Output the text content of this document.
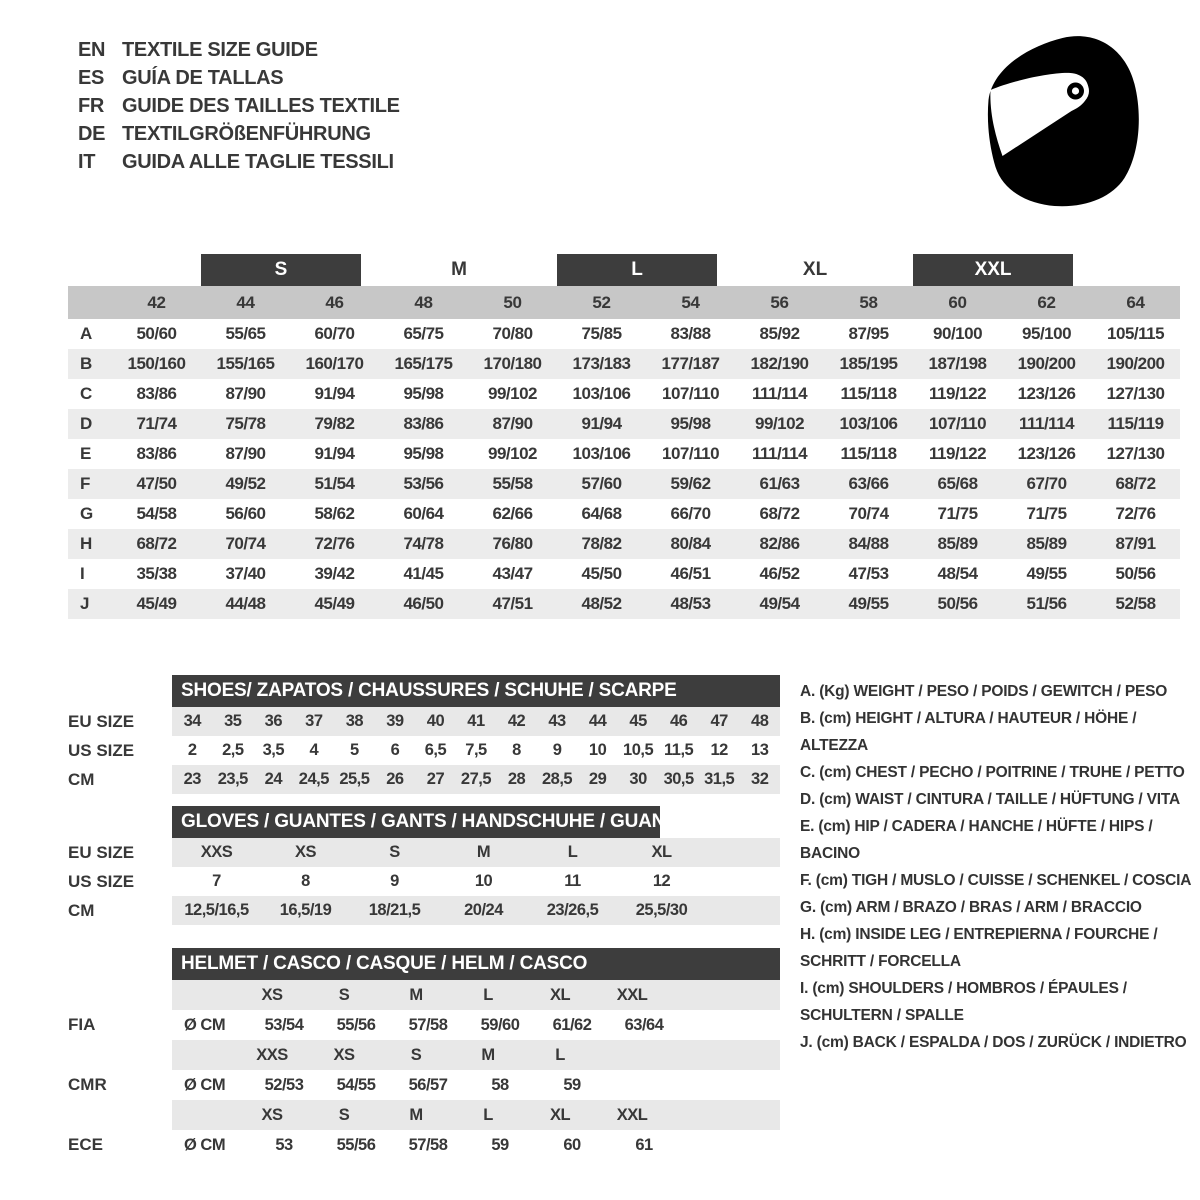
EN TEXTILE SIZE GUIDE
ES GUÍA DE TALLAS
FR GUIDE DES TAILLES TEXTILE
DE TEXTILGRÖßENFÜHRUNG
IT	GUIDA ALLE TAGLIE TESSILI

		S		M		L		XL		XXL		

	42	44	46	48	50	52	54	56	58	60	62	64
A	50/60	55/65	60/70	65/75	70/80	75/85	83/88	85/92	87/95	90/100	95/100	105/115
B	150/160	155/165	160/170	165/175	170/180	173/183	177/187	182/190	185/195	187/198	190/200	190/200
C	83/86	87/90	91/94	95/98	99/102	103/106	107/110	111/114	115/118	119/122	123/126	127/130
D	71/74	75/78	79/82	83/86	87/90	91/94	95/98	99/102	103/106	107/110	111/114	115/119
E	83/86	87/90	91/94	95/98	99/102	103/106	107/110	111/114	115/118	119/122	123/126	127/130
F	47/50	49/52	51/54	53/56	55/58	57/60	59/62	61/63	63/66	65/68	67/70	68/72
G	54/58	56/60	58/62	60/64	62/66	64/68	66/70	68/72	70/74	71/75	71/75	72/76
H	68/72	70/74	72/76	74/78	76/80	78/82	80/84	82/86	84/88	85/89	85/89	87/91
I	35/38	37/40	39/42	41/45	43/47	45/50	46/51	46/52	47/53	48/54	49/55	50/56
J	45/49	44/48	45/49	46/50	47/51	48/52	48/53	49/54	49/55	50/56	51/56	52/58
SHOES/ ZAPATOS / CHAUSSURES / SCHUHE / SCARPE
EU SIZE	34	35	36	37	38	39	40	41	42	43	44	45	46	47	48
US SIZE	2	2,5	3,5	4	5	6	6,5	7,5	8	9	10	10,5 11,5	12	13
CM	23	23,5	24	24,5 25,5	26	27	27,5	28	28,5	29	30	30,5 31,5	32
GLOVES / GUANTES / GANTS / HANDSCHUHE / GUANTI
EU SIZE	XXS	XS	S	M	L	XL
US SIZE	7	8	9	10	11	12
CM	12,5/16,5	16,5/19	18/21,5	20/24	23/26,5	25,5/30
HELMET / CASCO / CASQUE / HELM / CASCO
XS	S	M	L	XL	XXL
FIA	Ø CM	53/54	55/56	57/58	59/60	61/62	63/64
XXS	XS	S	M	L
CMR	Ø CM	52/53	54/55	56/57	58	59
XS	S	M	L	XL	XXL
ECE	Ø CM	53	55/56	57/58	59	60	61
A. (Kg) WEIGHT / PESO / POIDS / GEWITCH / PESO
B. (cm) HEIGHT / ALTURA / HAUTEUR / HÖHE / ALTEZZA
C. (cm) CHEST / PECHO / POITRINE / TRUHE / PETTO
D. (cm) WAIST / CINTURA / TAILLE / HÜFTUNG / VITA
E. (cm) HIP / CADERA / HANCHE / HÜFTE / HIPS / BACINO
F. (cm) TIGH / MUSLO / CUISSE / SCHENKEL / COSCIA
G. (cm) ARM / BRAZO / BRAS / ARM / BRACCIO
H. (cm) INSIDE LEG / ENTREPIERNA / FOURCHE / SCHRITT / FORCELLA
I. (cm) SHOULDERS / HOMBROS / ÉPAULES / SCHULTERN / SPALLE
J. (cm) BACK / ESPALDA / DOS / ZURÜCK / INDIETRO
